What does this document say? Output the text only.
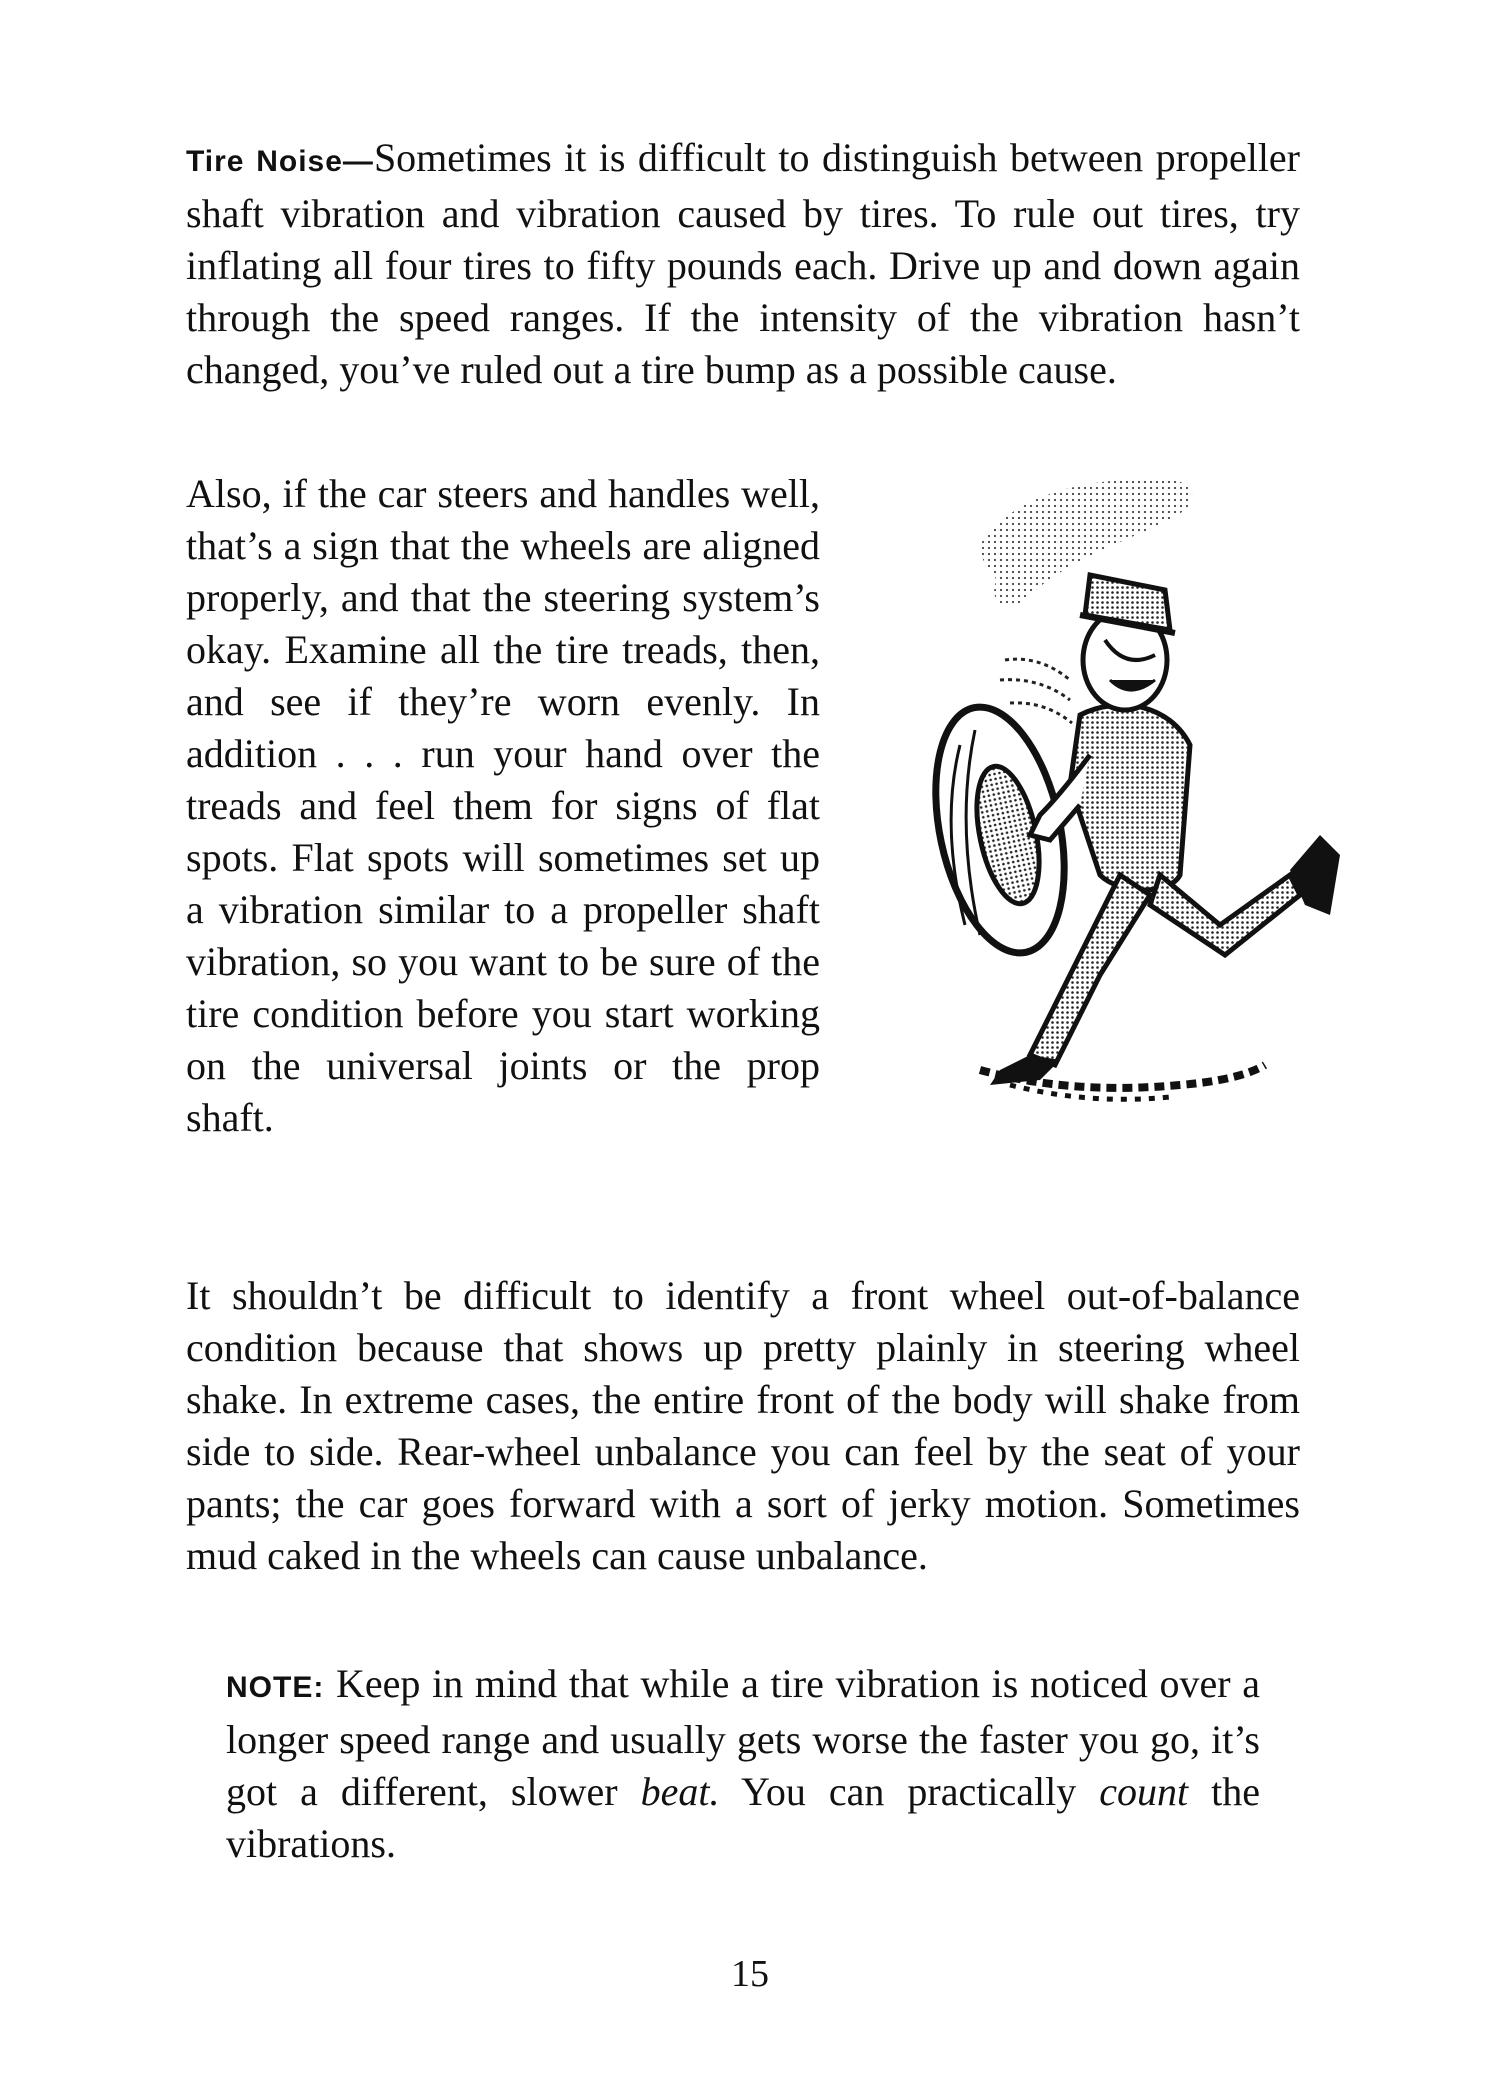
Tire Noise—Sometimes it is difficult to distinguish between propeller shaft vibration and vibration caused by tires. To rule out tires, try inflating all four tires to fifty pounds each. Drive up and down again through the speed ranges. If the intensity of the vibration hasn’t changed, you’ve ruled out a tire bump as a possible cause.

Also, if the car steers and handles well, that’s a sign that the wheels are aligned properly, and that the steering system’s okay. Examine all the tire treads, then, and see if they’re worn evenly. In addition . . . run your hand over the treads and feel them for signs of flat spots. Flat spots will sometimes set up a vibration similar to a propeller shaft vibration, so you want to be sure of the tire condition before you start working on the universal joints or the prop shaft.

It shouldn’t be difficult to identify a front wheel out-of-balance condition because that shows up pretty plainly in steering wheel shake. In extreme cases, the entire front of the body will shake from side to side. Rear-wheel unbalance you can feel by the seat of your pants; the car goes forward with a sort of jerky motion. Sometimes mud caked in the wheels can cause unbalance.

NOTE: Keep in mind that while a tire vibration is noticed over a longer speed range and usually gets worse the faster you go, it’s got a different, slower beat. You can practically count the vibrations.

15
